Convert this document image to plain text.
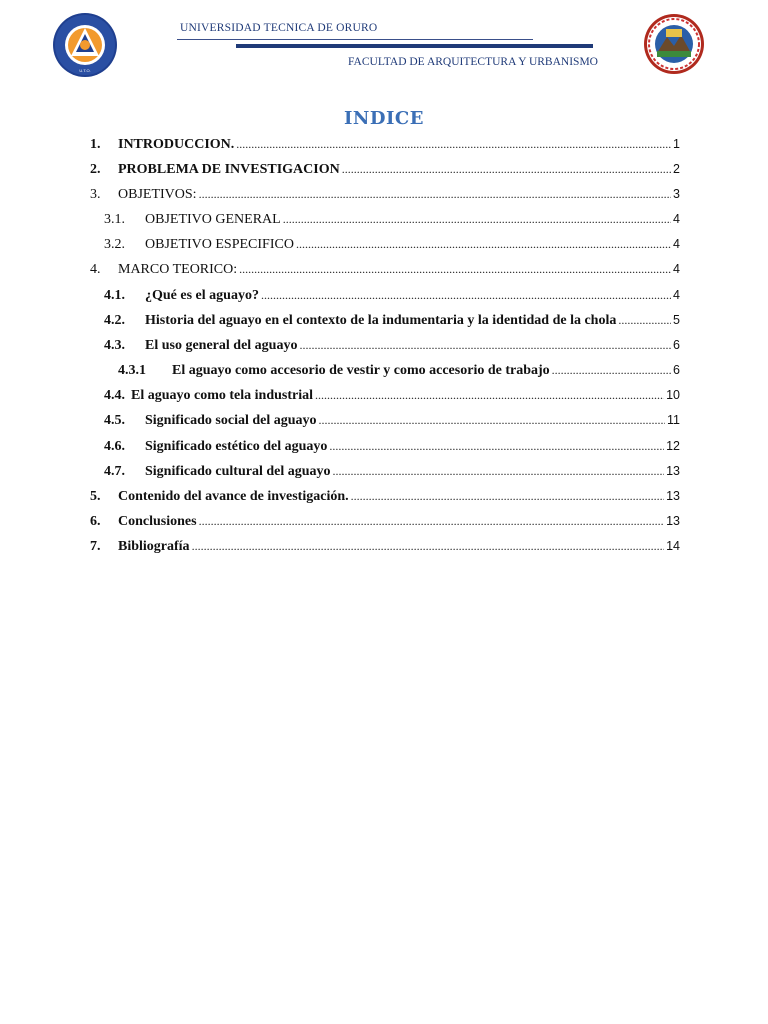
U.T.O.
UNIVERSIDAD TECNICA DE ORURO
FACULTAD DE ARQUITECTURA Y URBANISMO
INDICE
1.	INTRODUCCION. .....	1
2.	PROBLEMA DE INVESTIGACION .....	2
3.	OBJETIVOS: .....	3
3.1.	OBJETIVO GENERAL .....	4
3.2.	OBJETIVO ESPECIFICO .....	4
4.	MARCO TEORICO: .....	4
4.1.	¿Qué es el aguayo? .....	4
4.2.	Historia del aguayo en el contexto de la indumentaria y la identidad de la chola .....	5
4.3.	El uso general del aguayo .....	6
4.3.1	El aguayo como accesorio de vestir y como accesorio de trabajo .....	6
4.4. El aguayo como tela industrial .....	10
4.5.	Significado social del aguayo .....	11
4.6.	Significado estético del aguayo .....	12
4.7.	Significado cultural del aguayo .....	13
5.	Contenido del avance de investigación. .....	13
6.	Conclusiones .....	13
7.	Bibliografía .....	14
